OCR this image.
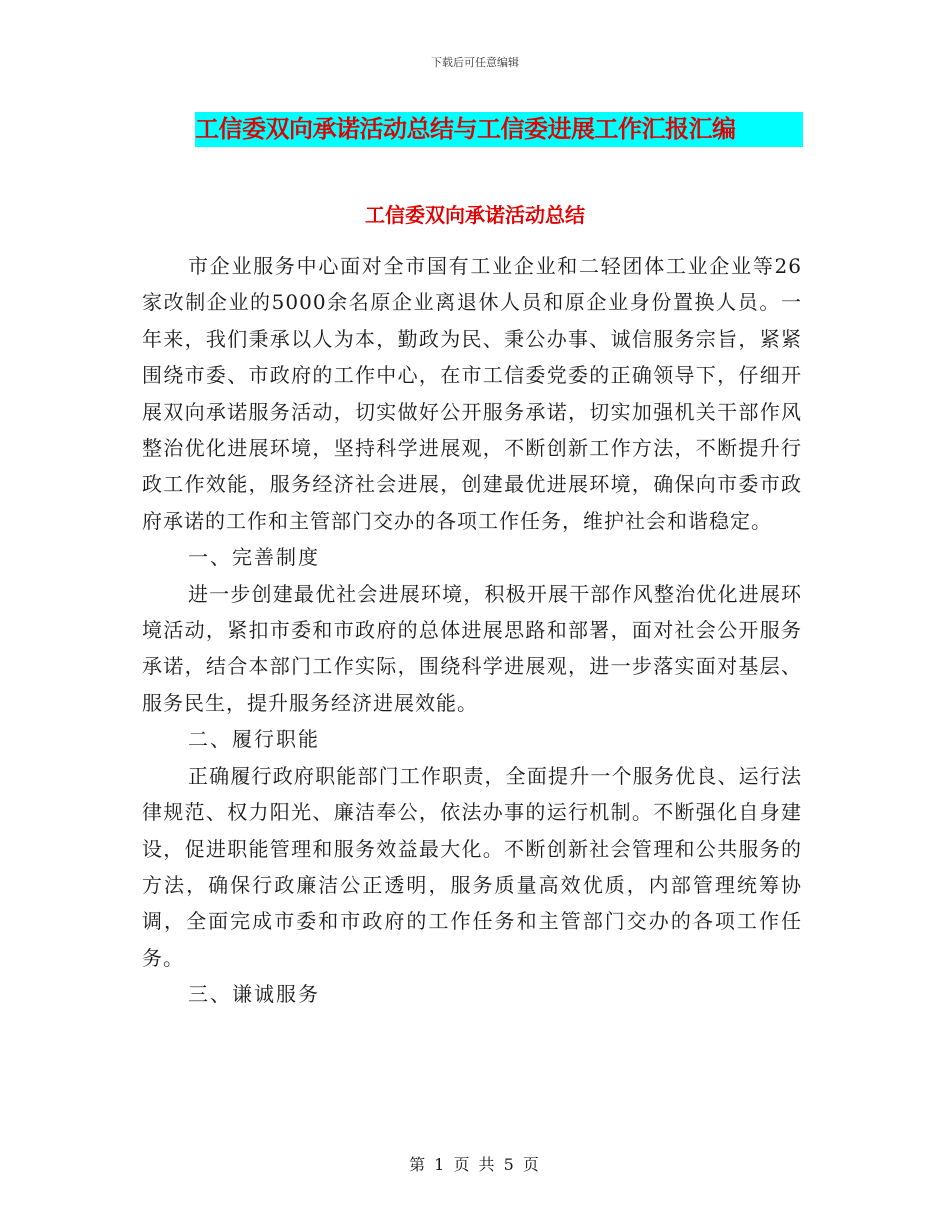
下载后可任意编辑
工信委双向承诺活动总结与工信委进展工作汇报汇编
工信委双向承诺活动总结

市企业服务中心面对全市国有工业企业和二轻团体工业企业等26家改制企业的5000余名原企业离退休人员和原企业身份置换人员。一年来，我们秉承以人为本，勤政为民、秉公办事、诚信服务宗旨，紧紧围绕市委、市政府的工作中心，在市工信委党委的正确领导下，仔细开展双向承诺服务活动，切实做好公开服务承诺，切实加强机关干部作风整治优化进展环境，坚持科学进展观，不断创新工作方法，不断提升行政工作效能，服务经济社会进展，创建最优进展环境，确保向市委市政府承诺的工作和主管部门交办的各项工作任务，维护社会和谐稳定。

一、完善制度

进一步创建最优社会进展环境，积极开展干部作风整治优化进展环境活动，紧扣市委和市政府的总体进展思路和部署，面对社会公开服务承诺，结合本部门工作实际，围绕科学进展观，进一步落实面对基层、服务民生，提升服务经济进展效能。

二、履行职能

正确履行政府职能部门工作职责，全面提升一个服务优良、运行法律规范、权力阳光、廉洁奉公，依法办事的运行机制。不断强化自身建设，促进职能管理和服务效益最大化。不断创新社会管理和公共服务的方法，确保行政廉洁公正透明，服务质量高效优质，内部管理统筹协调，全面完成市委和市政府的工作任务和主管部门交办的各项工作任务。

三、谦诚服务

第 1 页 共 5 页
